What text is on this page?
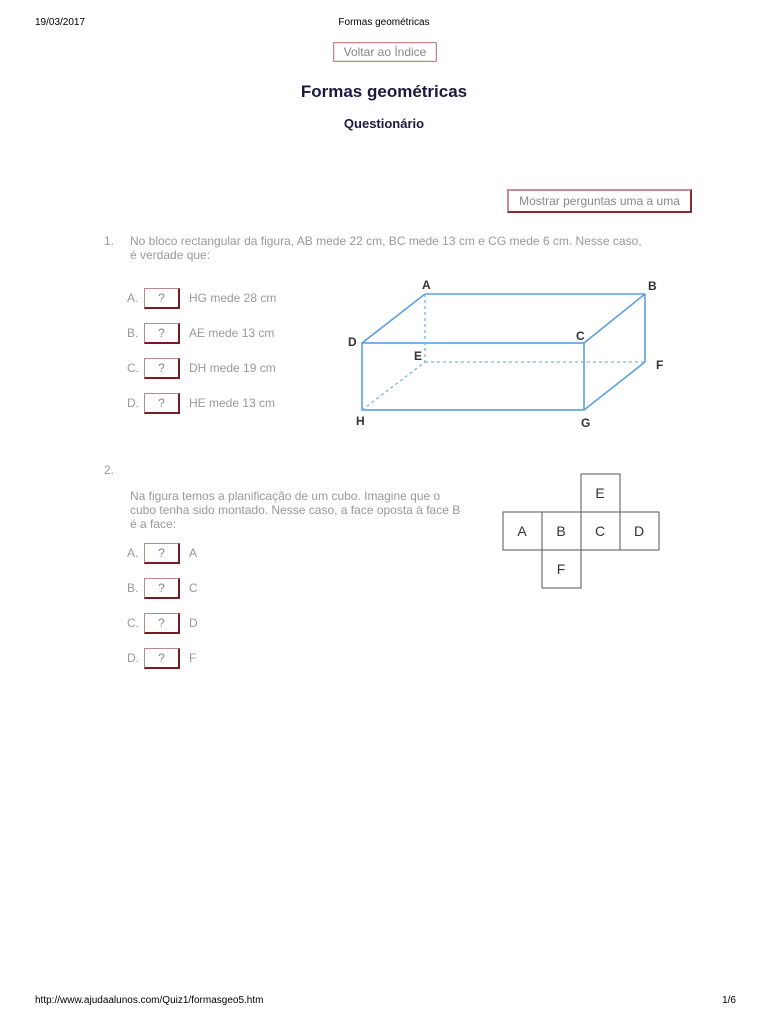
19/03/2017	Formas geométricas
Voltar ao Índice
Formas geométricas
Questionário
Mostrar perguntas uma a uma
1. No bloco rectangular da figura, AB mede 22 cm, BC mede 13 cm e CG mede 6 cm. Nesse caso,
é verdade que:
A.	?	HG mede 28 cm
B.	?	AE mede 13 cm
C.	?	DH mede 19 cm
D.	?	HE mede 13 cm
A	B
C
D
E
F
G
H
2.
Na figura temos a planificação de um cubo. Imagine que o
cubo tenha sido montado. Nesse caso, a face oposta à face B
é a face:
A.	?	A
B.	?	C
C.	?	D
D.	?	F
E
A B C D
F
http://www.ajudaalunos.com/Quiz1/formasgeo5.htm	1/6
